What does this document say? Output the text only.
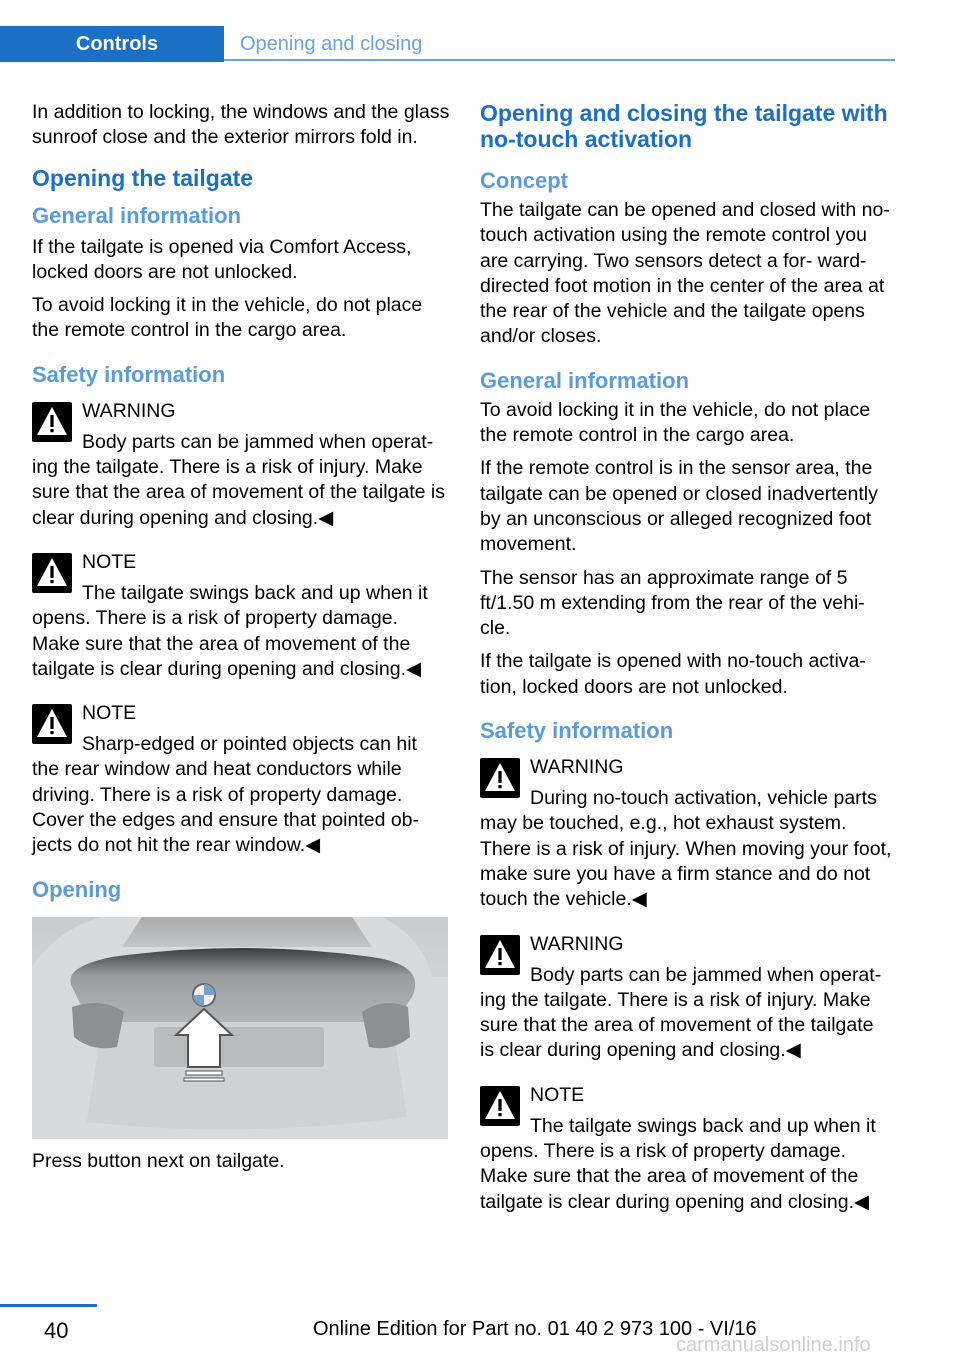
Controls	Opening and closing

In addition to locking, the windows and the glass sunroof close and the exterior mirrors fold in.

Opening the tailgate
General information

If the tailgate is opened via Comfort Access, locked doors are not unlocked.

To avoid locking it in the vehicle, do not place the remote control in the cargo area.

Safety information
WARNING
Body parts can be jammed when operat‐
ing the tailgate. There is a risk of injury. Make sure that the area of movement of the tailgate is clear during opening and closing.◀
NOTE
The tailgate swings back and up when it
opens. There is a risk of property damage. Make sure that the area of movement of the tailgate is clear during opening and closing.◀
NOTE
Sharp-edged or pointed objects can hit
the rear window and heat conductors while driving. There is a risk of property damage. Cover the edges and ensure that pointed ob‐ jects do not hit the rear window.◀
Opening
Press button next on tailgate.
Opening and closing the tailgate with no-touch activation
Concept

The tailgate can be opened and closed with no-touch activation using the remote control you are carrying. Two sensors detect a for‐ ward-directed foot motion in the center of the area at the rear of the vehicle and the tailgate opens and/or closes.

General information

To avoid locking it in the vehicle, do not place the remote control in the cargo area.

If the remote control is in the sensor area, the tailgate can be opened or closed inadvertently by an unconscious or alleged recognized foot movement.

The sensor has an approximate range of 5 ft/1.50 m extending from the rear of the vehi‐ cle.

If the tailgate is opened with no-touch activa‐ tion, locked doors are not unlocked.

Safety information
WARNING
During no-touch activation, vehicle parts
may be touched, e.g., hot exhaust system. There is a risk of injury. When moving your foot, make sure you have a firm stance and do not touch the vehicle.◀
WARNING
Body parts can be jammed when operat‐
ing the tailgate. There is a risk of injury. Make sure that the area of movement of the tailgate is clear during opening and closing.◀
NOTE
The tailgate swings back and up when it
opens. There is a risk of property damage. Make sure that the area of movement of the tailgate is clear during opening and closing.◀
40	Online Edition for Part no. 01 40 2 973 100 - VI/16
carmanualsonline.info
